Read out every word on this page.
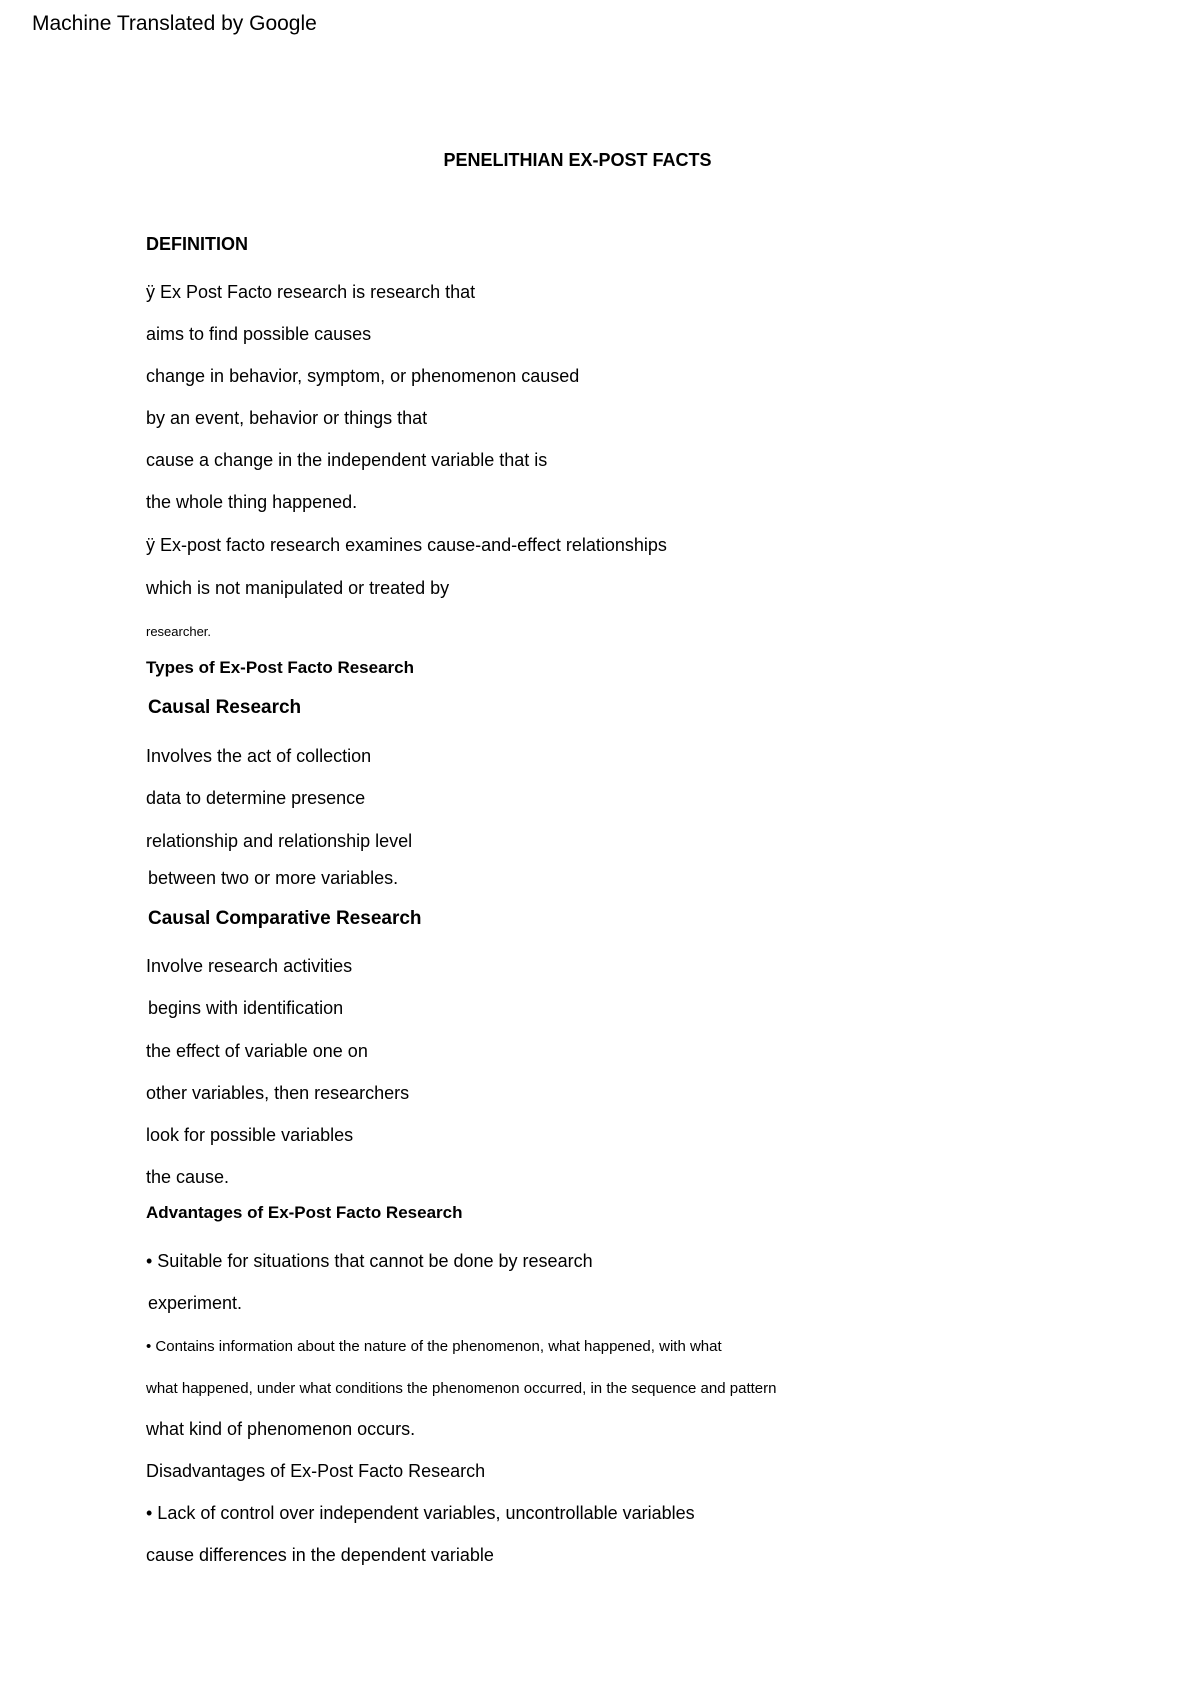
Machine Translated by Google
PENELITHIAN EX-POST FACTS
DEFINITION
ÿ Ex Post Facto research is research that
aims to find possible causes
change in behavior, symptom, or phenomenon caused
by an event, behavior or things that
cause a change in the independent variable that is
the whole thing happened.
ÿ Ex-post facto research examines cause-and-effect relationships
which is not manipulated or treated by
researcher.
Types of Ex-Post Facto Research
Causal Research
Involves the act of collection
data to determine presence
relationship and relationship level
between two or more variables.
Causal Comparative Research
Involve research activities
begins with identification
the effect of variable one on
other variables, then researchers
look for possible variables
the cause.
Advantages of Ex-Post Facto Research
• Suitable for situations that cannot be done by research
experiment.
• Contains information about the nature of the phenomenon, what happened, with what
what happened, under what conditions the phenomenon occurred, in the sequence and pattern
what kind of phenomenon occurs.
Disadvantages of Ex-Post Facto Research
• Lack of control over independent variables, uncontrollable variables
cause differences in the dependent variable
